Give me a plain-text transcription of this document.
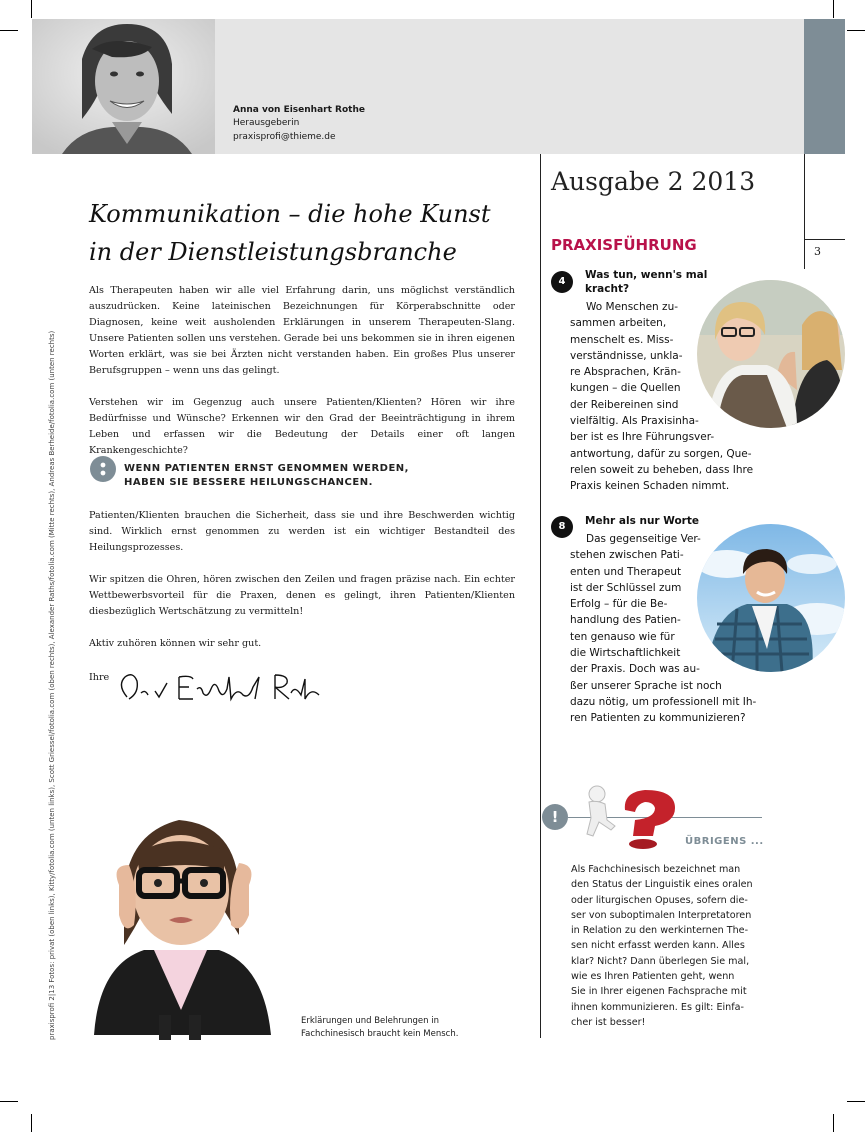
Anna von Eisenhart Rothe
Herausgeberin
praxisprofi@thieme.de
3
praxisprofi 2|13 Fotos: privat (oben links), Kitty/fotolia.com (unten links), Scott Griessel/fotolia.com (oben rechts), Alexander Raths/fotolia.com (Mitte rechts), Andreas Berheide/fotolia.com (unten rechts)
Kommunikation – die hohe Kunst
in der Dienstleistungsbranche

Als Therapeuten haben wir alle viel Erfahrung darin, uns möglichst verständlich auszudrücken. Keine lateinischen Bezeichnungen für Körperabschnitte oder Diagnosen, keine weit ausholenden Erklärungen in unserem Therapeuten-Slang. Unsere Patienten sollen uns verstehen. Gerade bei uns bekommen sie in ihren eigenen Worten erklärt, was sie bei Ärzten nicht verstanden haben. Ein großes Plus unserer Berufsgruppen – wenn uns das gelingt.

Verstehen wir im Gegenzug auch unsere Patienten/Klienten? Hören wir ihre Bedürfnisse und Wünsche? Erkennen wir den Grad der Beeinträchtigung in ihrem Leben und erfassen wir die Bedeutung der Details einer oft langen Krankengeschichte?

WENN PATIENTEN ERNST GENOMMEN WERDEN,
HABEN SIE BESSERE HEILUNGSCHANCEN.

Patienten/Klienten brauchen die Sicherheit, dass sie und ihre Beschwerden wichtig sind. Wirklich ernst genommen zu werden ist ein wichtiger Bestandteil des Heilungsprozesses.

Wir spitzen die Ohren, hören zwischen den Zeilen und fragen präzise nach. Ein echter Wettbewerbsvorteil für die Praxen, denen es gelingt, ihren Patienten/Klienten diesbezüglich Wertschätzung zu vermitteln!

Aktiv zuhören können wir sehr gut.

Ihre

Erklärungen und Belehrungen in Fachchinesisch braucht kein Mensch.
Ausgabe 2 2013
PRAXISFÜHRUNG
4
Was tun, wenn's mal
kracht?
Wo Menschen zu-
sammen arbeiten,
menschelt es. Miss-
verständnisse, unkla-
re Absprachen, Krän-
kungen – die Quellen
der Reibereinen sind
vielfältig. Als Praxisinha-
ber ist es Ihre Führungsver-
antwortung, dafür zu sorgen, Que-
relen soweit zu beheben, dass Ihre
Praxis keinen Schaden nimmt.
8	Mehr als nur Worte
Das gegenseitige Ver-
stehen zwischen Pati-
enten und Therapeut
ist der Schlüssel zum
Erfolg – für die Be-
handlung des Patien-
ten genauso wie für
die Wirtschaftlichkeit
der Praxis. Doch was au-
ßer unserer Sprache ist noch
dazu nötig, um professionell mit Ih-
ren Patienten zu kommunizieren?
!
ÜBRIGENS ...
Als Fachchinesisch bezeichnet man
den Status der Linguistik eines oralen
oder liturgischen Opuses, sofern die-
ser von suboptimalen Interpretatoren
in Relation zu den werkinternen The-
sen nicht erfasst werden kann. Alles
klar? Nicht? Dann überlegen Sie mal,
wie es Ihren Patienten geht, wenn
Sie in Ihrer eigenen Fachsprache mit
ihnen kommunizieren. Es gilt: Einfa-
cher ist besser!
